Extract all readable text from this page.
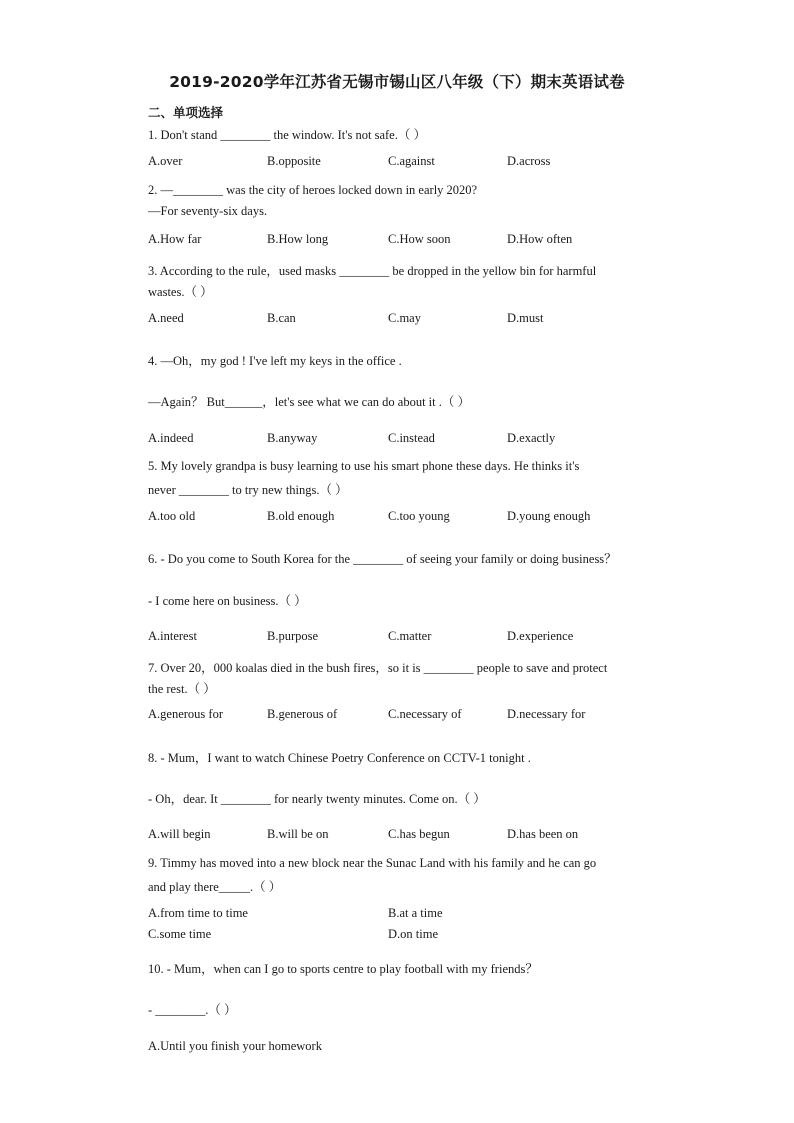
2019-2020学年江苏省无锡市锡山区八年级（下）期末英语试卷
二、单项选择
1. Don't stand ________ the window. It's not safe.（ ）
A.over	B.opposite	C.against	D.across
2. —________ was the city of heroes locked down in early 2020?
—For seventy-six days.
A.How far	B.How long	C.How soon	D.How often
3. According to the rule，used masks ________ be dropped in the yellow bin for harmful
wastes.（ ）
A.need	B.can	C.may	D.must
4. —Oh，my god ! I've left my keys in the office .
—Again？ But______，let's see what we can do about it .（ ）
A.indeed	B.anyway	C.instead	D.exactly
5. My lovely grandpa is busy learning to use his smart phone these days. He thinks it's
never ________ to try new things.（ ）
A.too old	B.old enough	C.too young	D.young enough
6. - Do you come to South Korea for the ________ of seeing your family or doing business？
- I come here on business.（ ）
A.interest	B.purpose	C.matter	D.experience
7. Over 20，000 koalas died in the bush fires，so it is ________ people to save and protect
the rest.（ ）
A.generous for	B.generous of	C.necessary of	D.necessary for
8. - Mum，I want to watch Chinese Poetry Conference on CCTV-1 tonight .
- Oh，dear. It ________ for nearly twenty minutes. Come on.（ ）
A.will begin	B.will be on	C.has begun	D.has been on
9. Timmy has moved into a new block near the Sunac Land with his family and he can go
and play there_____.（ ）
A.from time to time	B.at a time
C.some time	D.on time
10. - Mum，when can I go to sports centre to play football with my friends？
- ________.（ ）
A.Until you finish your homework
